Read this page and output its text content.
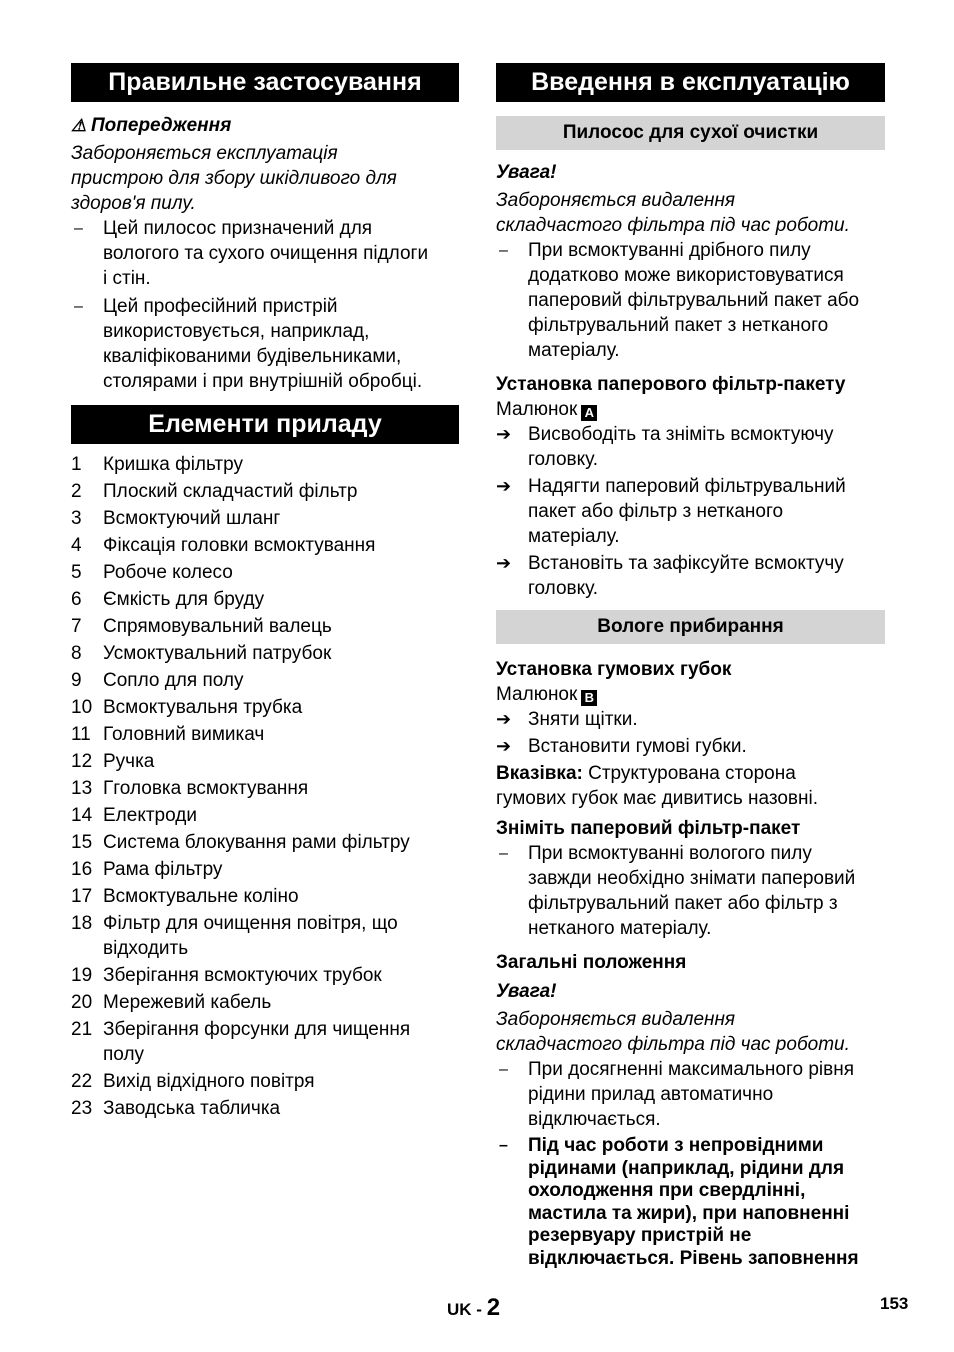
Правильне застосування
⚠ Попередження
Забороняється експлуатація
пристрою для збору шкідливого для
здоров'я пилу.
–	Цей пилосос призначений для
вологого та сухого очищення підлоги
і стін.
–	Цей професійний пристрій
використовується, наприклад,
кваліфікованими будівельниками,
столярами і при внутрішній обробці.
Елементи приладу
1	Кришка фільтру
2	Плоский складчастий фільтр
3	Всмоктуючий шланг
4	Фіксація головки всмоктування
5	Робоче колесо
6	Ємкість для бруду
7	Спрямовувальний валець
8	Усмоктувальний патрубок
9	Сопло для полу
10 Всмоктувальня трубка
11 Головний вимикач
12 Ручка
13 Гголовка всмоктування
14 Електроди
15 Система блокування рами фільтру
16 Рама фільтру
17 Всмоктувальне коліно
18 Фільтр для очищення повітря, що
відходить
19 Зберігання всмоктуючих трубок
20 Мережевий кабель
21 Зберігання форсунки для чищення
полу
22 Вихід відхідного повітря
23 Заводська табличка
Введення в експлуатацію
Пилосос для сухої очистки
Увага!
Забороняється видалення
складчастого фільтра під час роботи.
–	При всмоктуванні дрібного пилу
додатково може використовуватися
паперовий фільтрувальний пакет або
фільтрувальний пакет з нетканого
матеріалу.
Установка паперового фільтр-пакету
Малюнок A
➔ Висвободіть та зніміть всмоктуючу
головку.
➔ Надягти паперовий фільтрувальний
пакет або фільтр з нетканого
матеріалу.
➔ Встановіть та зафіксуйте всмоктучу
головку.
Вологе прибирання
Установка гумових губок
Малюнок B
➔ Зняти щітки.
➔ Встановити гумові губки.
Вказівка: Структурована сторона
гумових губок має дивитись назовні.
Зніміть паперовий фільтр-пакет
–	При всмоктуванні вологого пилу
завжди необхідно знімати паперовий
фільтрувальний пакет або фільтр з
нетканого матеріалу.
Загальні положення
Увага!
Забороняється видалення
складчастого фільтра під час роботи.
–	При досягненні максимального рівня
рідини прилад автоматично
відключається.
–	Під час роботи з непровідними
рідинами (наприклад, рідини для
охолодження при свердлінні,
мастила та жири), при наповненні
резервуару пристрій не
відключається. Рівень заповнення
UK - 2	153
